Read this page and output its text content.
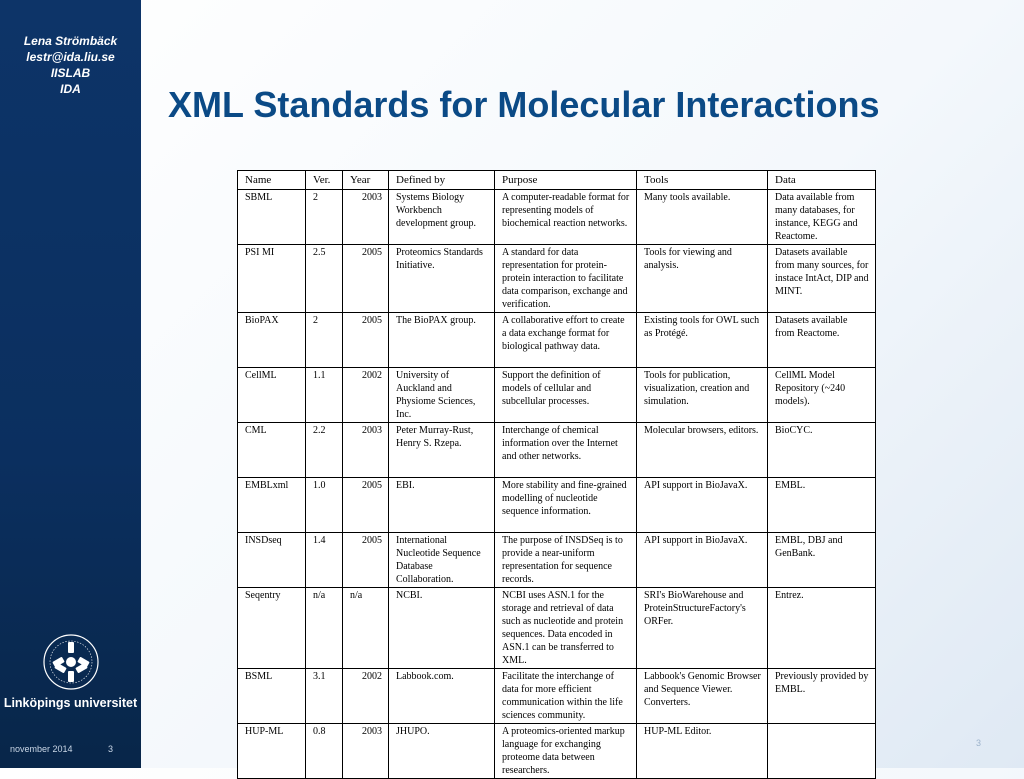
Lena Strömbäck
lestr@ida.liu.se
IISLAB
IDA
Linköpings universitet
november 2014	3
XML Standards for Molecular Interactions
Name	Ver.	Year	Defined by	Purpose	Tools	Data
SBML	2	2003	Systems Biology Workbench development group.	A computer-readable format for representing models of biochemical reaction networks.	Many tools available.	Data available from many databases, for instance, KEGG and Reactome.
PSI MI	2.5	2005	Proteomics Standards Initiative.	A standard for data representation for protein-protein interaction to facilitate data comparison, exchange and verification.	Tools for viewing and analysis.	Datasets available from many sources, for instace IntAct, DIP and MINT.
BioPAX	2	2005	The BioPAX group.	A collaborative effort to create a data exchange format for biological pathway data.	Existing tools for OWL such as Protégé.	Datasets available from Reactome.
CellML	1.1	2002	University of Auckland and Physiome Sciences, Inc.	Support the definition of models of cellular and subcellular processes.	Tools for publication, visualization, creation and simulation.	CellML Model Repository (~240 models).
CML	2.2	2003	Peter Murray-Rust, Henry S. Rzepa.	Interchange of chemical information over the Internet and other networks.	Molecular browsers, editors.	BioCYC.
EMBLxml	1.0	2005	EBI.	More stability and fine-grained modelling of nucleotide sequence information.	API support in BioJavaX.	EMBL.
INSDseq	1.4	2005	International Nucleotide Sequence Database Collaboration.	The purpose of INSDSeq is to provide a near-uniform representation for sequence records.	API support in BioJavaX.	EMBL, DBJ and GenBank.
Seqentry	n/a	n/a	NCBI.	NCBI uses ASN.1 for the storage and retrieval of data such as nucleotide and protein sequences. Data encoded in ASN.1 can be transferred to XML.	SRI's BioWarehouse and ProteinStructureFactory's ORFer.	Entrez.
BSML	3.1	2002	Labbook.com.	Facilitate the interchange of data for more efficient communication within the life sciences community.	Labbook's Genomic Browser and Sequence Viewer. Converters.	Previously provided by EMBL.
HUP-ML	0.8	2003	JHUPO.	A proteomics-oriented markup language for exchanging proteome data between researchers.	HUP-ML Editor.	
3
